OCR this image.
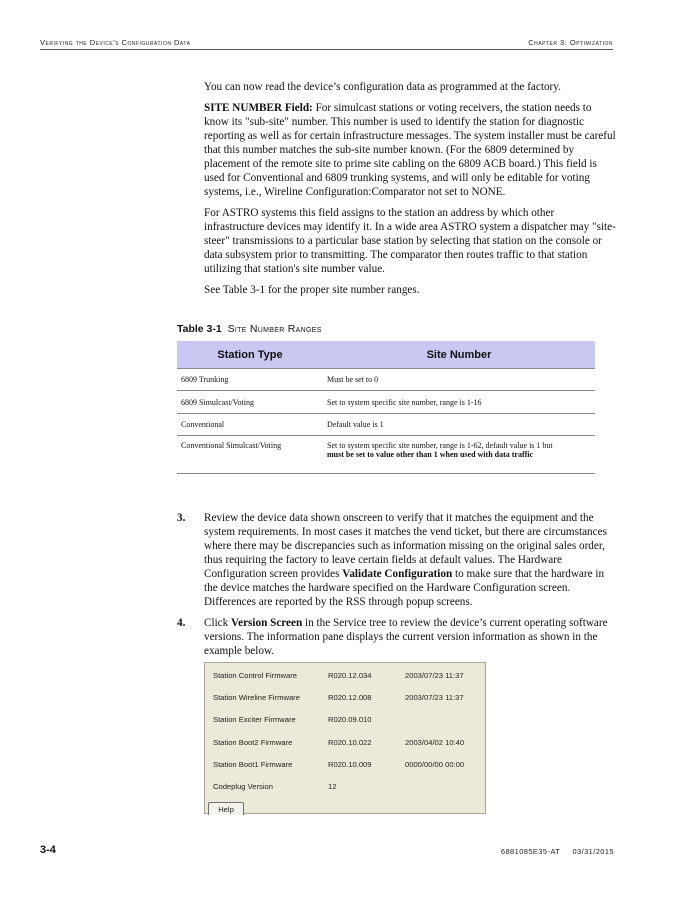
Verifying the Device's Configuration Data	Chapter 3: Optimization

You can now read the device’s configuration data as programmed at the factory.

SITE NUMBER Field: For simulcast stations or voting receivers, the station needs to know its "sub-site" number. This number is used to identify the station for diagnostic reporting as well as for certain infrastructure messages. The system installer must be careful that this number matches the sub-site number known. (For the 6809 determined by placement of the remote site to prime site cabling on the 6809 ACB board.) This field is used for Conventional and 6809 trunking systems, and will only be editable for voting systems, i.e., Wireline Configuration:Comparator not set to NONE.

For ASTRO systems this field assigns to the station an address by which other infrastructure devices may identify it. In a wide area ASTRO system a dispatcher may "site-steer" transmissions to a particular base station by selecting that station on the console or data subsystem prior to transmitting. The comparator then routes traffic to that station utilizing that station's site number value.

See Table 3-1 for the proper site number ranges.

Table 3-1 Site Number Ranges
Station Type	Site Number
6809 Trunking	Must be set to 0
6809 Simulcast/Voting	Set to system specific site number, range is 1-16
Conventional	Default value is 1
Conventional Simulcast/Voting	Set to system specific site number, range is 1-62, default value is 1 but
must be set to value other than 1 when used with data traffic
3. Review the device data shown onscreen to verify that it matches the equipment and the system requirements. In most cases it matches the vend ticket, but there are circumstances where there may be discrepancies such as information missing on the original sales order, thus requiring the factory to leave certain fields at default values. The Hardware Configuration screen provides Validate Configuration to make sure that the hardware in the device matches the hardware specified on the Hardware Configuration screen. Differences are reported by the RSS through popup screens.
4. Click Version Screen in the Service tree to review the device’s current operating software versions. The information pane displays the current version information as shown in the example below.
Station Control Firmware	R020.12.034	2003/07/23 11:37
Station Wireline Firmware	R020.12.008	2003/07/23 11:37
Station Exciter Firmware	R020.09.010
Station Boot2 Firmware	R020.10.022	2003/04/02 10:40
Station Boot1 Firmware	R020.10.009	0000/00/00 00:00
Codeplug Version	12
Help
3-4	6881085E35-AT     03/31/2015
